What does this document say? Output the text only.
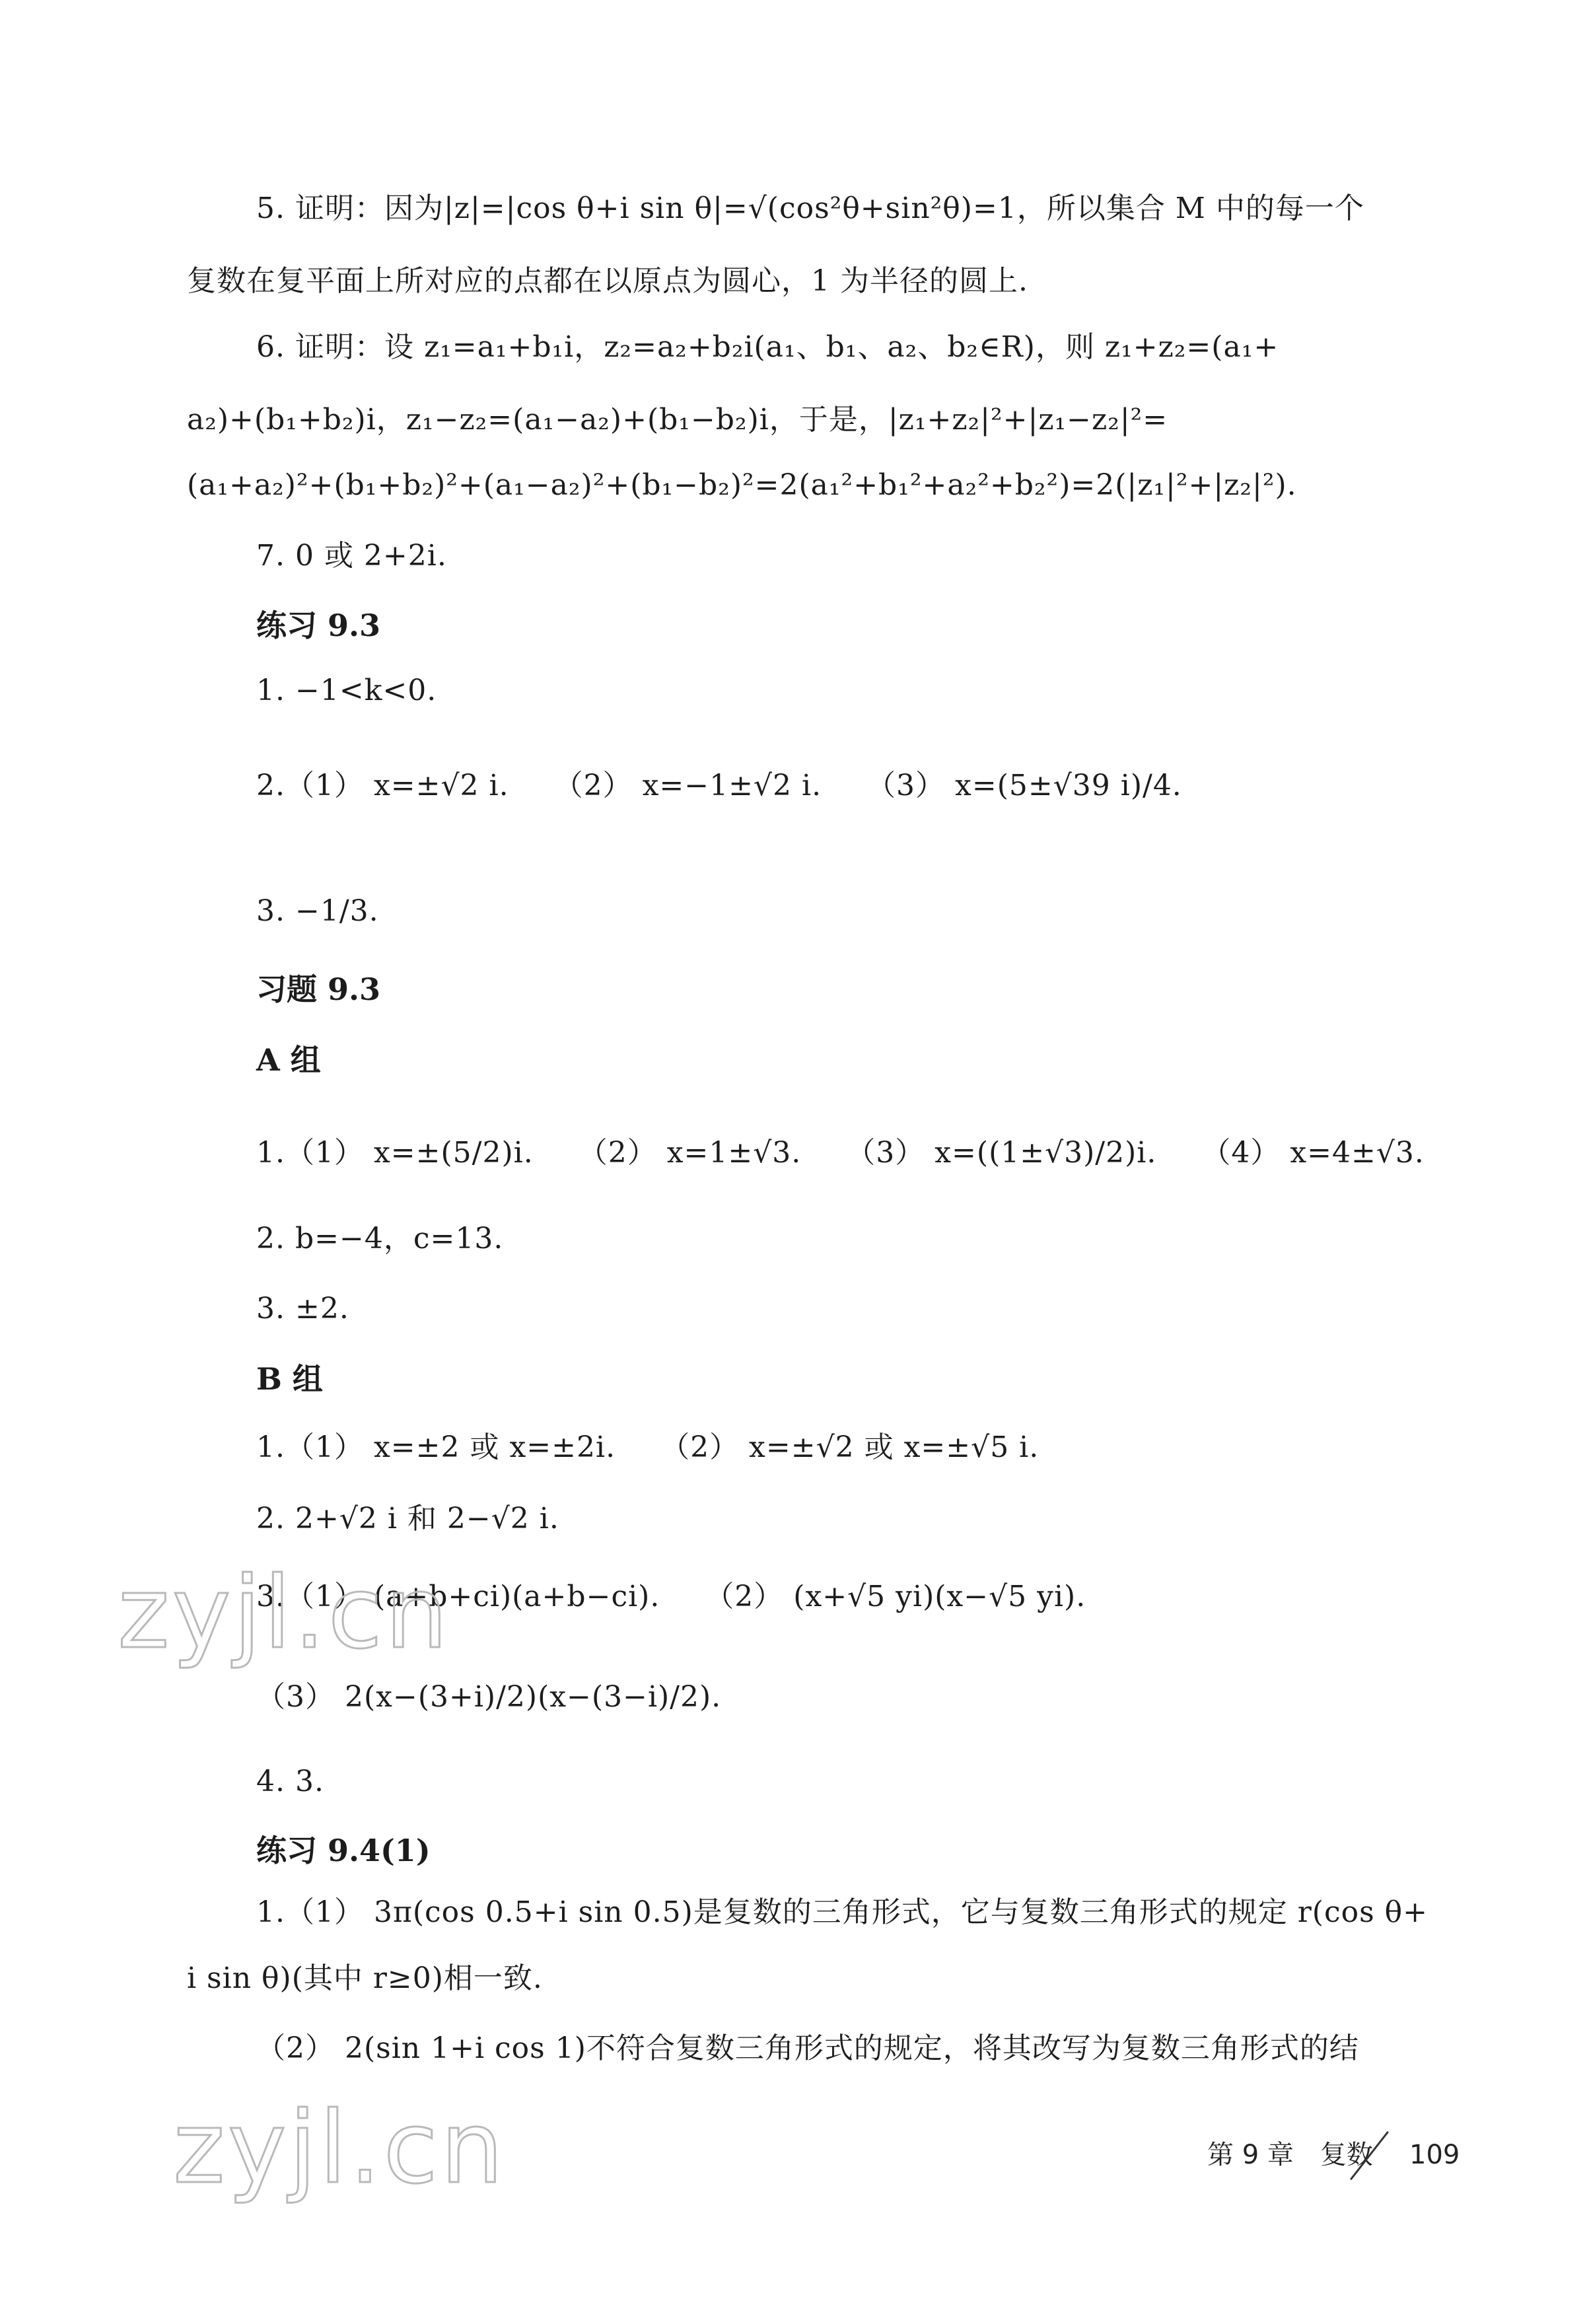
5. 证明：因为|z|=|cos θ+i sin θ|=√(cos²θ+sin²θ)=1，所以集合 M 中的每一个
复数在复平面上所对应的点都在以原点为圆心，1 为半径的圆上.
6. 证明：设 z₁=a₁+b₁i，z₂=a₂+b₂i(a₁、b₁、a₂、b₂∈R)，则 z₁+z₂=(a₁+
a₂)+(b₁+b₂)i，z₁−z₂=(a₁−a₂)+(b₁−b₂)i，于是，|z₁+z₂|²+|z₁−z₂|²=
(a₁+a₂)²+(b₁+b₂)²+(a₁−a₂)²+(b₁−b₂)²=2(a₁²+b₁²+a₂²+b₂²)=2(|z₁|²+|z₂|²).
7. 0 或 2+2i.
练习 9.3
1. −1<k<0.
2.（1） x=±√2 i.　　（2） x=−1±√2 i.　　（3） x=(5±√39 i)/4.
3. −1/3.
习题 9.3
A 组
1.（1） x=±(5/2)i.　　（2） x=1±√3.　　（3） x=((1±√3)/2)i.　　（4） x=4±√3.
2. b=−4，c=13.
3. ±2.
B 组
1.（1） x=±2 或 x=±2i.　　（2） x=±√2 或 x=±√5 i.
2. 2+√2 i 和 2−√2 i.
3.（1） (a+b+ci)(a+b−ci).　　（2） (x+√5 yi)(x−√5 yi).
（3） 2(x−(3+i)/2)(x−(3−i)/2).
4. 3.
练习 9.4(1)
1.（1） 3π(cos 0.5+i sin 0.5)是复数的三角形式，它与复数三角形式的规定 r(cos θ+
i sin θ)(其中 r≥0)相一致.
（2） 2(sin 1+i cos 1)不符合复数三角形式的规定，将其改写为复数三角形式的结
zyjl.cn
zyjl.cn	第 9 章　复数 109
